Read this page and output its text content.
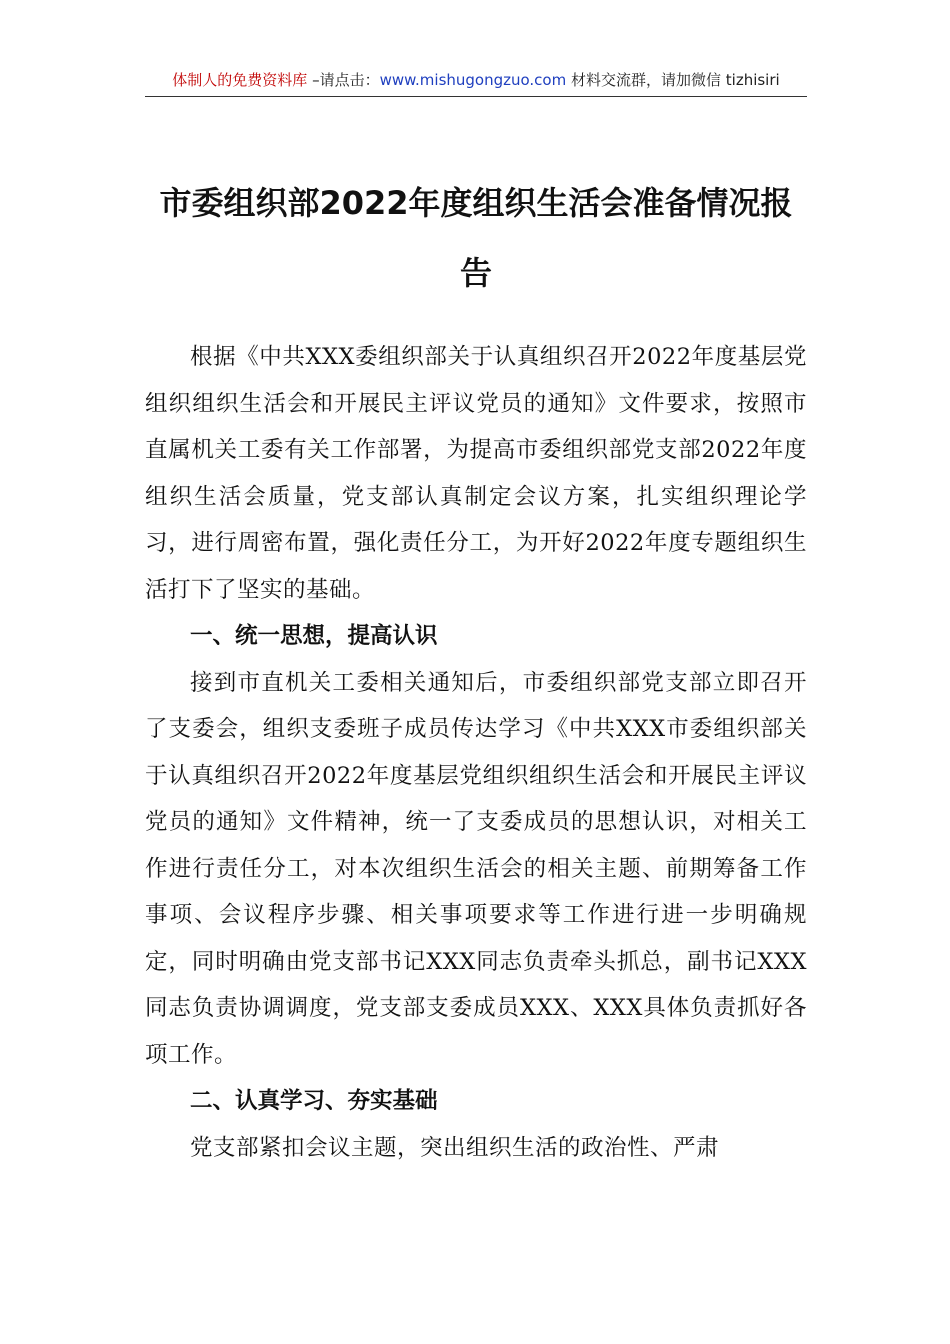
体制人的免费资料库 –请点击：www.mishugongzuo.com 材料交流群，请加微信 tizhisiri
市委组织部2022年度组织生活会准备情况报告

根据《中共XXX委组织部关于认真组织召开2022年度基层党组织组织生活会和开展民主评议党员的通知》文件要求，按照市直属机关工委有关工作部署，为提高市委组织部党支部2022年度组织生活会质量，党支部认真制定会议方案，扎实组织理论学习，进行周密布置，强化责任分工，为开好2022年度专题组织生活打下了坚实的基础。

一、统一思想，提高认识

接到市直机关工委相关通知后，市委组织部党支部立即召开了支委会，组织支委班子成员传达学习《中共XXX市委组织部关于认真组织召开2022年度基层党组织组织生活会和开展民主评议党员的通知》文件精神，统一了支委成员的思想认识，对相关工作进行责任分工，对本次组织生活会的相关主题、前期筹备工作事项、会议程序步骤、相关事项要求等工作进行进一步明确规定，同时明确由党支部书记XXX同志负责牵头抓总，副书记XXX同志负责协调调度，党支部支委成员XXX、XXX具体负责抓好各项工作。

二、认真学习、夯实基础

党支部紧扣会议主题，突出组织生活的政治性、严肃
